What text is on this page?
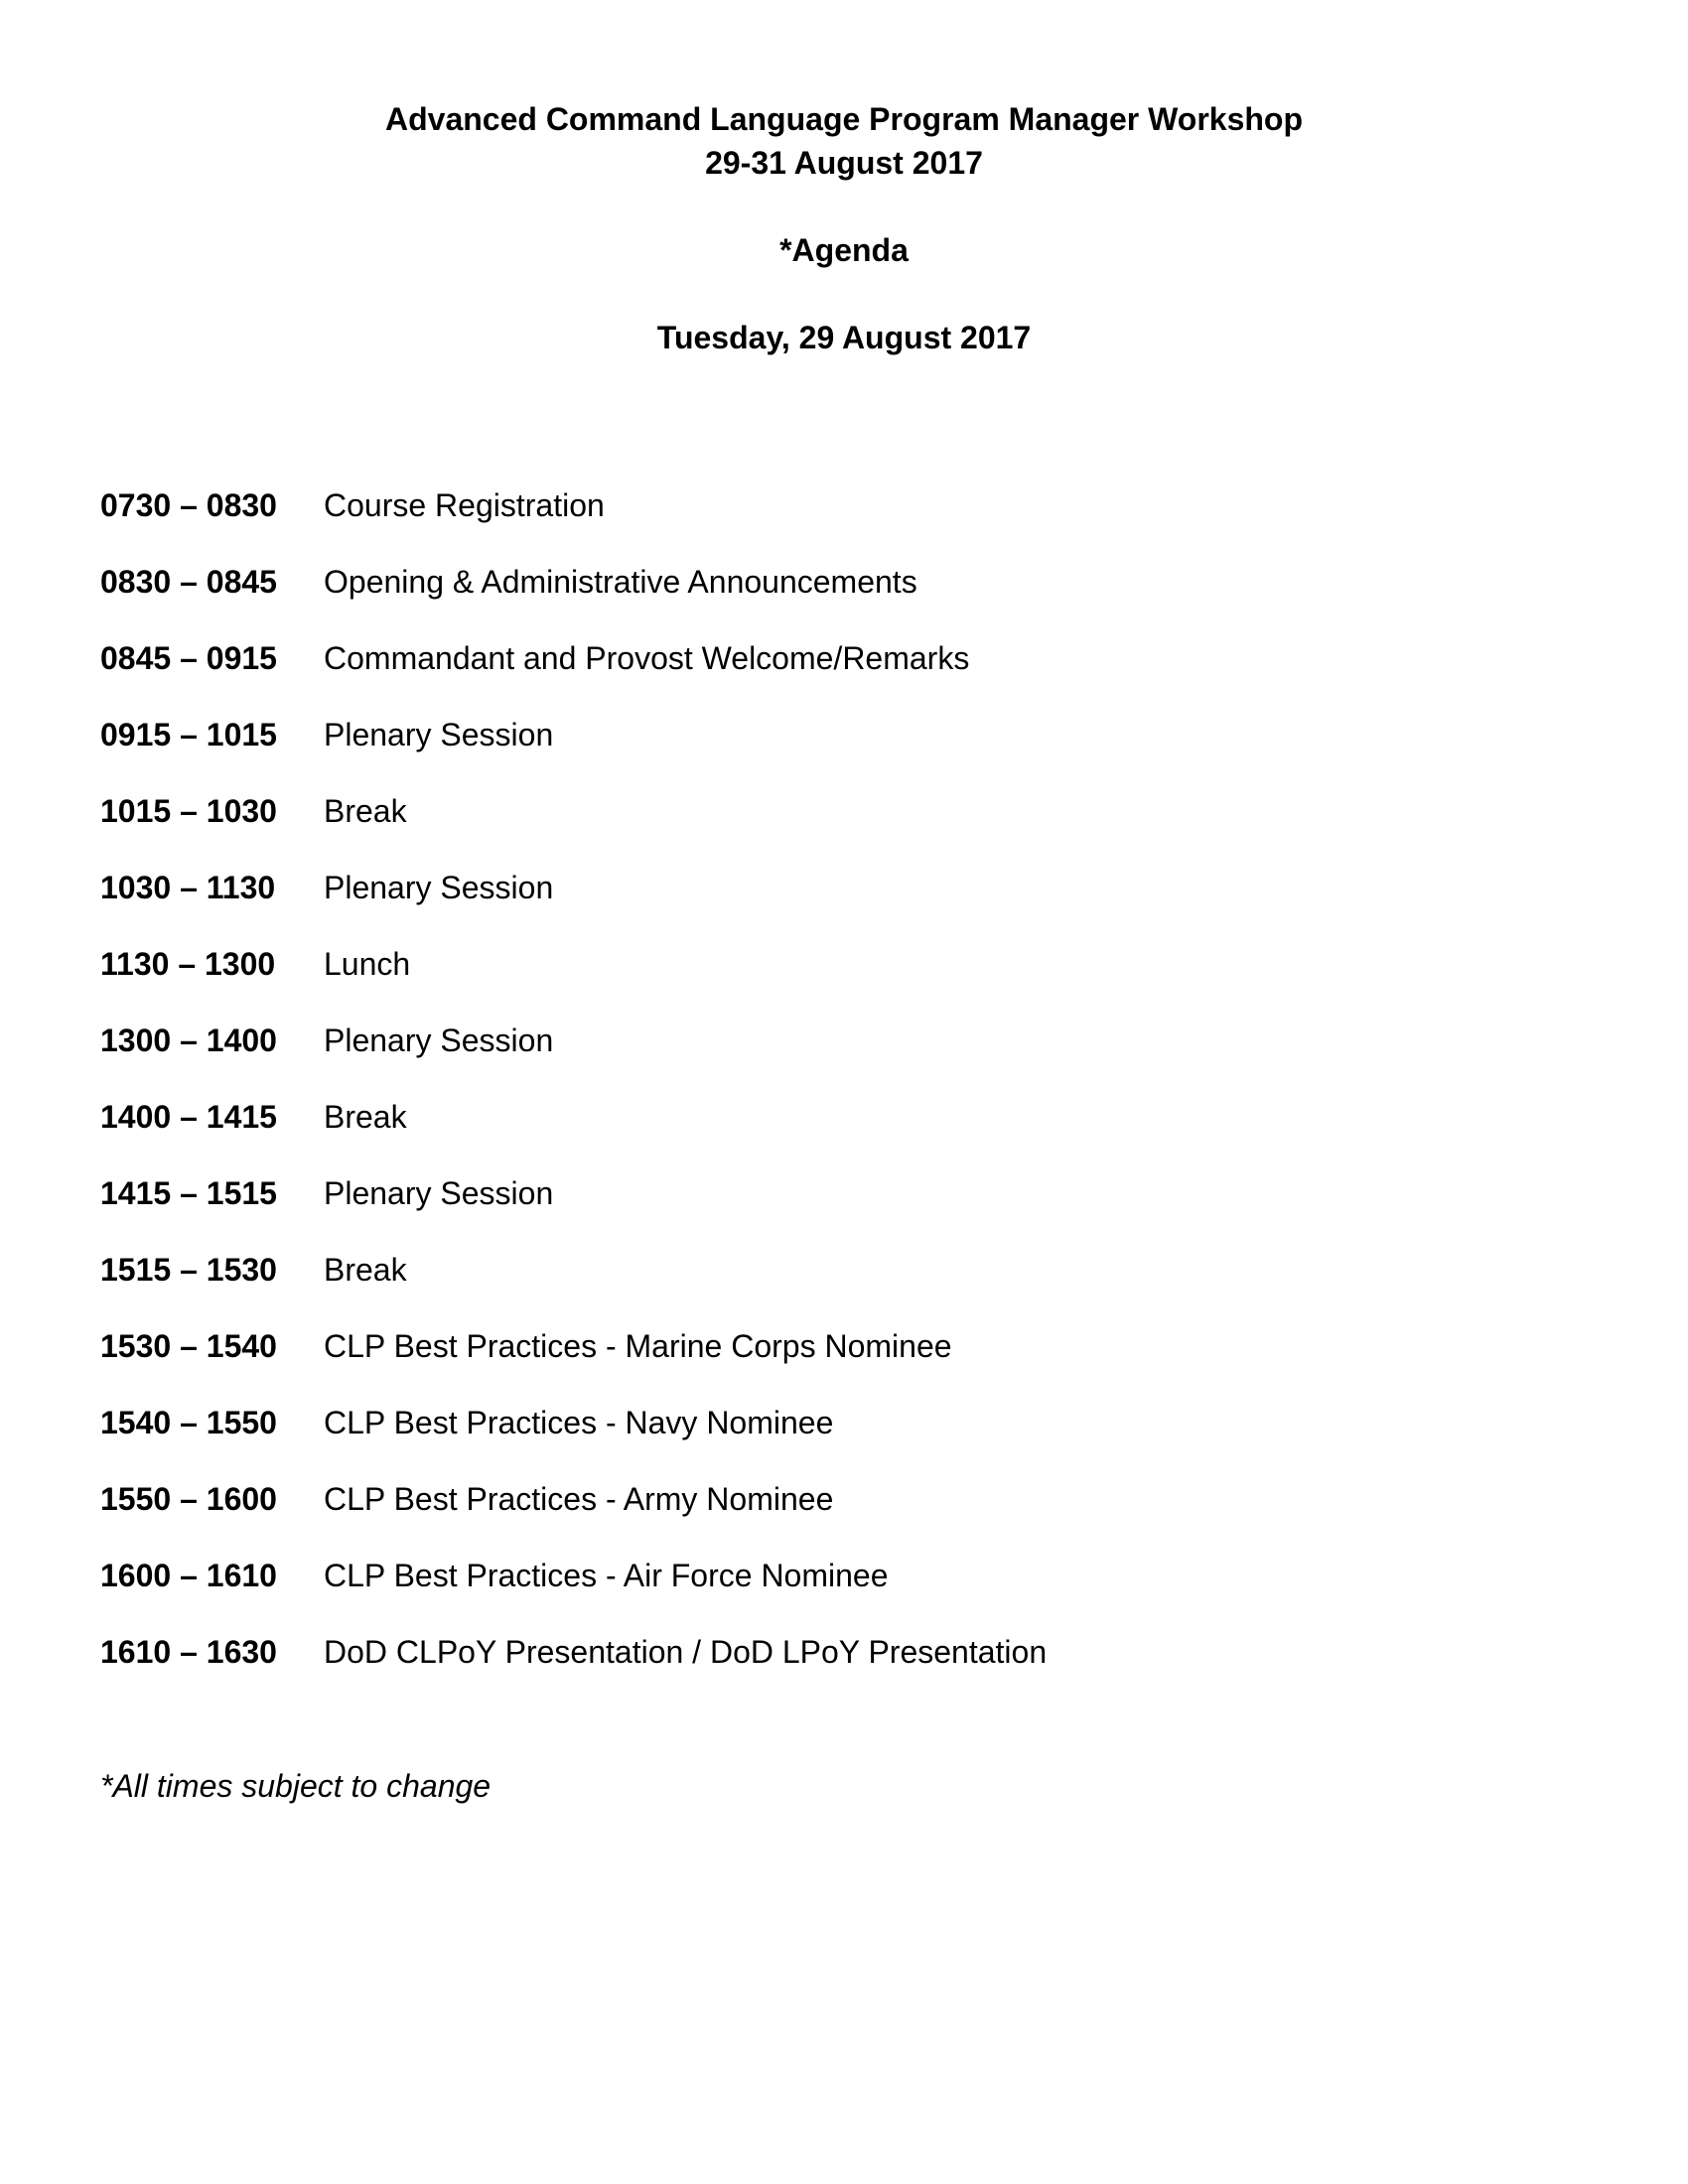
Advanced Command Language Program Manager Workshop
29-31 August 2017
*Agenda
Tuesday, 29 August 2017
0730 – 0830	Course Registration
0830 – 0845	Opening & Administrative Announcements
0845 – 0915	Commandant and Provost Welcome/Remarks
0915 – 1015	Plenary Session
1015 – 1030	Break
1030 – 1130	Plenary Session
1130 – 1300	Lunch
1300 – 1400	Plenary Session
1400 – 1415	Break
1415 – 1515	Plenary Session
1515 – 1530	Break
1530 – 1540	CLP Best Practices - Marine Corps Nominee
1540 – 1550	CLP Best Practices - Navy Nominee
1550 – 1600	CLP Best Practices - Army Nominee
1600 – 1610	CLP Best Practices - Air Force Nominee
1610 – 1630	DoD CLPoY Presentation / DoD LPoY Presentation
*All times subject to change
